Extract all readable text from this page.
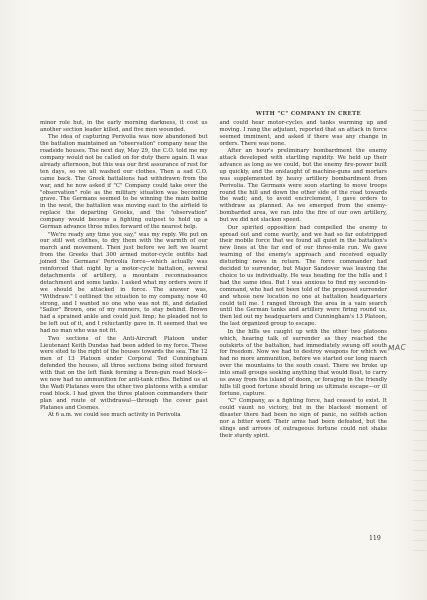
WITH "C" COMPANY IN CRETE

minor role but, in the early morning darkness, it cost us another section leader killed, and five men wounded.

The idea of capturing Perivolia was now abandoned but the battalion maintained an "observation" company near the roadside houses. The next day, May 29, the C.O. told me my company would not be called on for duty there again. It was already afternoon, but this was our first assurance of rest for ten days, so we all washed our clothes. Then a sad C.O. came back. The Greek battalions had withdrawn from the war, and he now asked if "C" Company could take over the "observation" role as the military situation was becoming grave. The Germans seemed to be winning the main battle in the west, the battalion was moving east to the airfield to replace the departing Greeks, and the "observation" company would become a fighting outpost to hold up a German advance three miles forward of the nearest help.

"We're ready any time you say," was my reply. We put on our still wet clothes, to dry them with the warmth of our march and movement. Then just before we left we learnt from the Greeks that 300 armed motor-cycle outfits had joined the Germans' Perivolia force—which actually was reinforced that night by a motor-cycle battalion, several detachments of artillery, a mountain reconnaissance detachment and some tanks. I asked what my orders were if we should be attacked in force. The answer was, "Withdraw." I outlined the situation to my company, now 40 strong, and I wanted no one who was not fit, and detailed "Sailor" Brown, one of my runners, to stay behind. Brown had a sprained ankle and could just limp; he pleaded not to be left out of it, and I reluctantly gave in. It seemed that we had no man who was not fit.

Two sections of the Anti-Aircraft Platoon under Lieutenant Keith Dundas had been added to my force. These were sited to the right of the houses towards the sea. The 12 men of 13 Platoon under Corporal Ted Cunningham defended the houses, all three sections being sited forward with that on the left flank forming a Bren-gun road block—we now had no ammunition for anti-tank rifles. Behind us at the Wadi Platanes were the other two platoons with a similar road block. I had given the three platoon commanders their plan and route of withdrawal—through the cover past Platanes and Cesmes.

At 6 a.m. we could see much activity in Perivolia

and could hear motor-cycles and tanks warming up and moving. I rang the adjutant, reported that an attack in force seemed imminent, and asked if there was any change in orders. There was none.

After an hour's preliminary bombardment the enemy attack developed with startling rapidity. We held up their advance as long as we could, but the enemy fire-power built up quickly, and the onslaught of machine-guns and mortars was supplemented by heavy artillery bombardment from Perivolia. The Germans were soon starting to move troops round the hill and down the other side of the road towards the wadi; and, to avoid encirclement, I gave orders to withdraw as planned. As we emerged from the enemy-bombarded area, we ran into the fire of our own artillery, but we did not slacken speed.

Our spirited opposition had compelled the enemy to spread out and come warily, and we had so far outstripped their mobile force that we found all quiet in the battalion's new lines at the far end of our three-mile run. We gave warning of the enemy's approach and received equally disturbing news in return. The force commander had decided to surrender, but Major Sandover was leaving the choice to us individually. He was heading for the hills and I had the same idea. But I was anxious to find my second-in-command, who had not been told of the proposed surrender and whose new location no one at battalion headquarters could tell me. I ranged through the area in a vain search until the German tanks and artillery were firing round us, then led out my headquarters and Cunningham's 13 Platoon, the last organized group to escape.

In the hills we caught up with the other two platoons which, hearing talk of surrender as they reached the outskirts of the battalion, had immediately swung off south for freedom. Now we had to destroy weapons for which we had no more ammunition, before we started our long march over the mountains to the south coast. There we broke up into small groups seeking anything that would float, to carry us away from the island of doom, or foraging in the friendly hills till good fortune should bring us ultimate escape—or ill fortune, capture.

"C" Company, as a fighting force, had ceased to exist. It could vaunt no victory, but in the blackest moment of disaster there had been no sign of panic, no selfish action nor a bitter word. Their arms had been defeated, but the slings and arrows of outrageous fortune could not shake their sturdy spirit.

MAC
119
